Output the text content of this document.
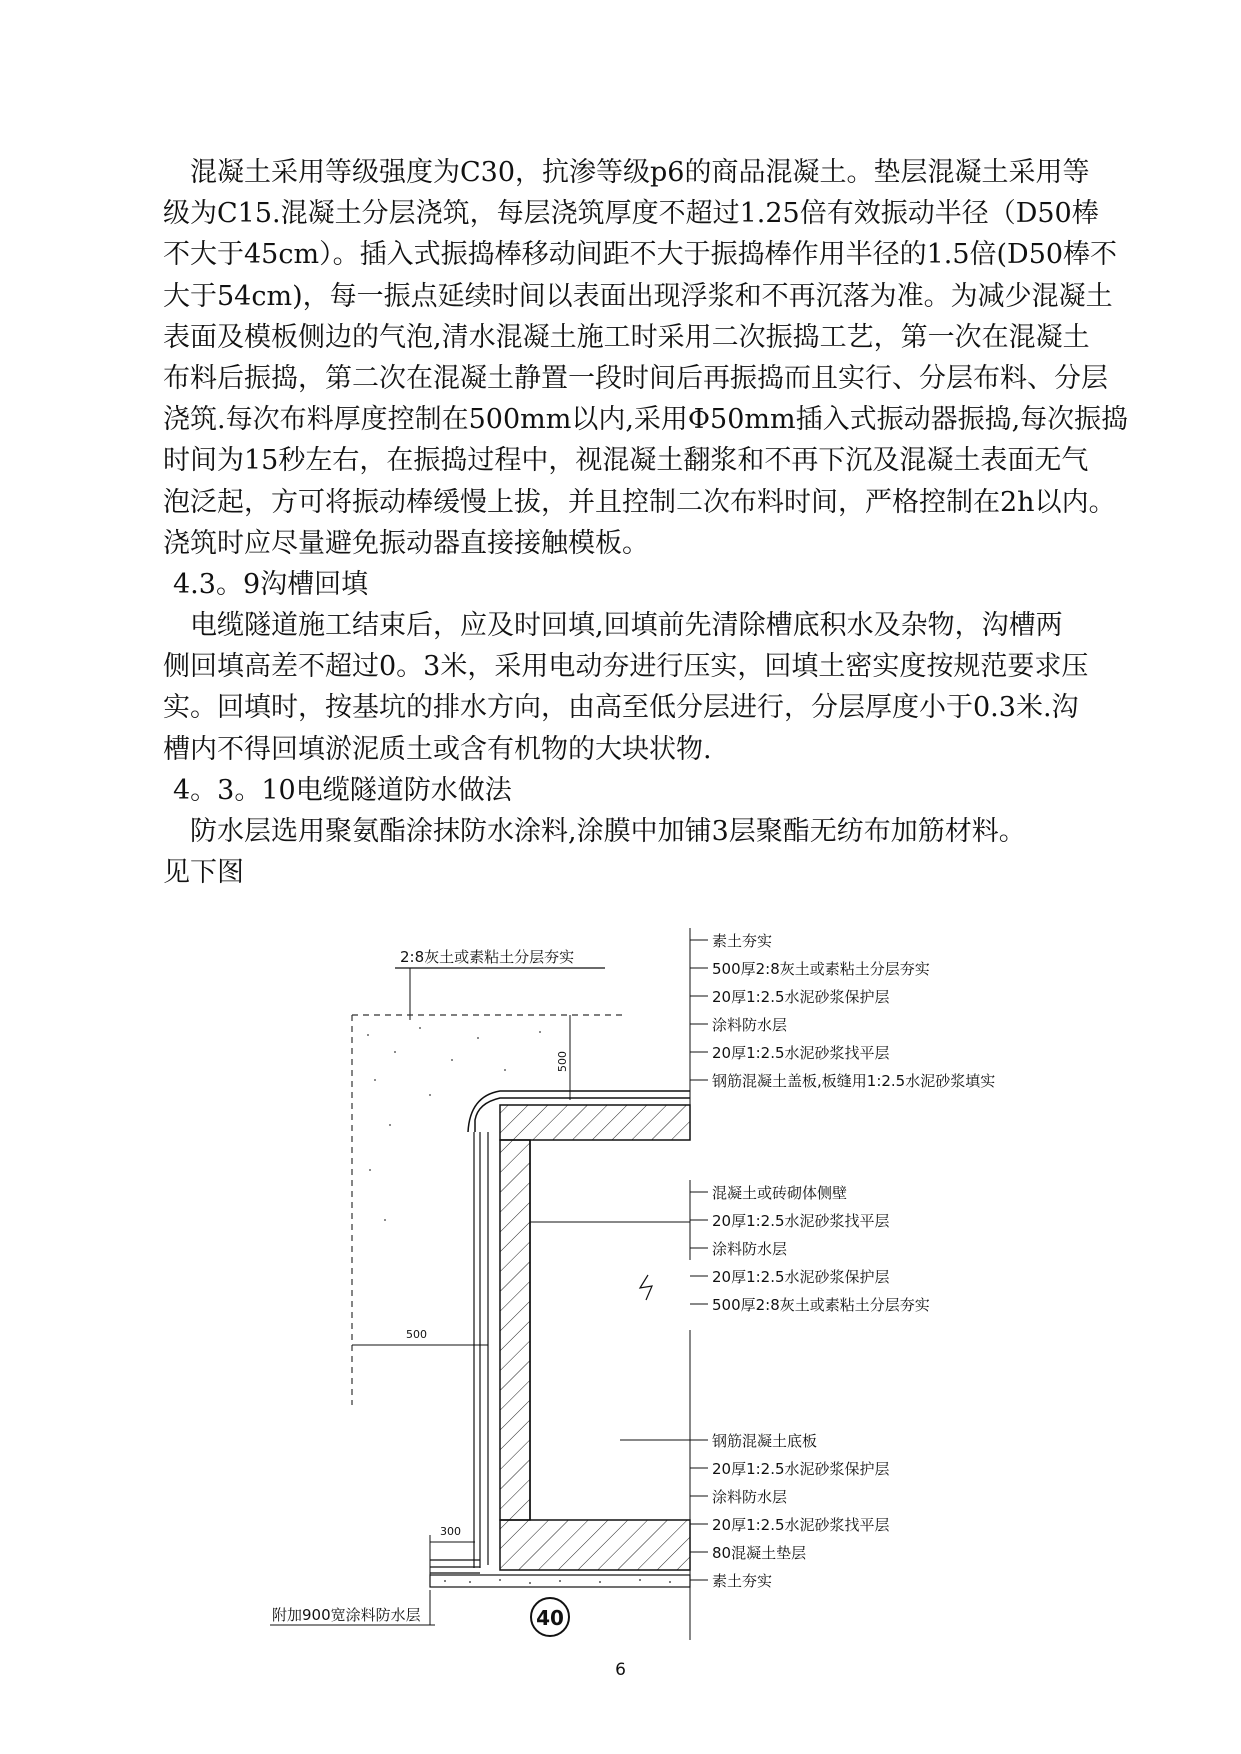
　混凝土采用等级强度为C30，抗渗等级p6的商品混凝土。垫层混凝土采用等
级为C15.混凝土分层浇筑，每层浇筑厚度不超过1.25倍有效振动半径（D50棒
不大于45cm）。插入式振捣棒移动间距不大于振捣棒作用半径的1.5倍(D50棒不
大于54cm)，每一振点延续时间以表面出现浮浆和不再沉落为准。为减少混凝土
表面及模板侧边的气泡,清水混凝土施工时采用二次振捣工艺，第一次在混凝土
布料后振捣，第二次在混凝土静置一段时间后再振捣而且实行、分层布料、分层
浇筑.每次布料厚度控制在500mm以内,采用Φ50mm插入式振动器振捣,每次振捣
时间为15秒左右，在振捣过程中，视混凝土翻浆和不再下沉及混凝土表面无气
泡泛起，方可将振动棒缓慢上拔，并且控制二次布料时间，严格控制在2h以内。
浇筑时应尽量避免振动器直接接触模板。
4.3。9沟槽回填
　电缆隧道施工结束后，应及时回填,回填前先清除槽底积水及杂物，沟槽两
侧回填高差不超过0。3米，采用电动夯进行压实，回填土密实度按规范要求压
实。回填时，按基坑的排水方向，由高至低分层进行，分层厚度小于0.3米.沟
槽内不得回填淤泥质土或含有机物的大块状物.
4。3。10电缆隧道防水做法
　防水层选用聚氨酯涂抹防水涂料,涂膜中加铺3层聚酯无纺布加筋材料。
见下图
2:8灰土或素粘土分层夯实
500
500
300
附加900宽涂料防水层
素土夯实
500厚2:8灰土或素粘土分层夯实
20厚1:2.5水泥砂浆保护层
涂料防水层
20厚1:2.5水泥砂浆找平层
钢筋混凝土盖板,板缝用1:2.5水泥砂浆填实
混凝土或砖砌体侧壁
20厚1:2.5水泥砂浆找平层
涂料防水层
20厚1:2.5水泥砂浆保护层
500厚2:8灰土或素粘土分层夯实
钢筋混凝土底板
20厚1:2.5水泥砂浆保护层
涂料防水层
20厚1:2.5水泥砂浆找平层
80混凝土垫层
素土夯实
40
6
